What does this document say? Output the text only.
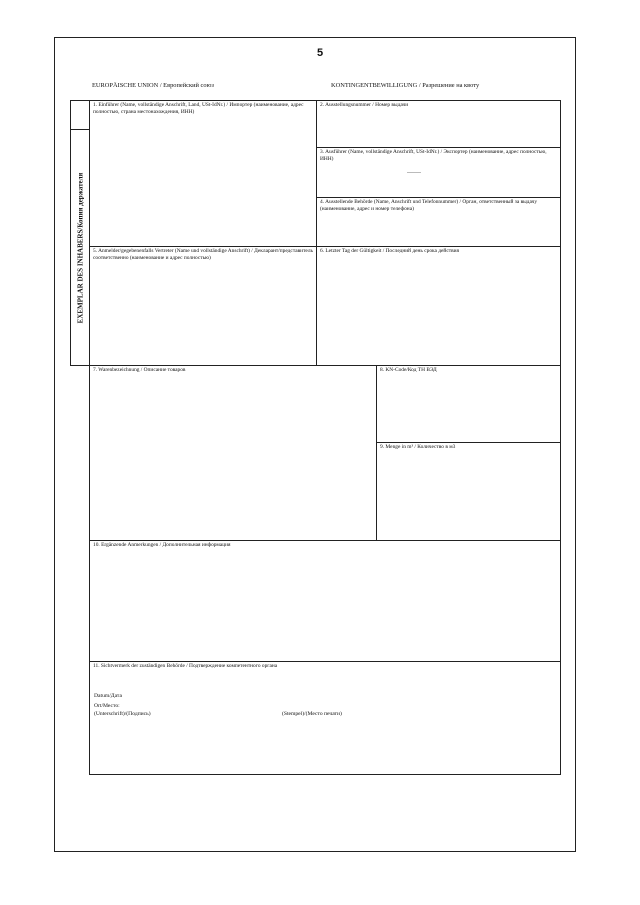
5
EUROPÄISCHE UNION / Европейский союз	KONTINGENTBEWILLIGUNG / Разрешение на квоту
EXEMPLAR DES INHABERS/Копия держателя
1. Einführer (Name, vollständige Anschrift, Land, USt-IdNr.) / Импортер (наименование, адрес полностью, страна местонахождения, ИНН)
2. Ausstellungsnummer / Номер выдачи
3. Ausführer (Name, vollständige Anschrift, USt-IdNr.) / Экспортер (наименование, адрес полностью, ИНН)
4. Ausstellende Behörde (Name, Anschrift und Telefonnummer) / Орган, ответственный за выдачу (наименование, адрес и номер телефона)
5. Anmelder/gegebenenfalls Vertreter (Name und vollständige Anschrift) / Декларант/представитель соответственно (наименование и адрес полностью)
6. Letzter Tag der Gültigkeit / Последний день срока действия
7. Warenbezeichnung / Описание товаров	8. KN-Code/Код ТН ВЭД
9. Menge in m³ / Количество в м3
10. Ergänzende Anmerkungen / Дополнительная информация
11. Sichtvermerk der zuständigen Behörde / Подтверждение компетентного органа
Datum/Дата
Ort/Место:
(Unterschrift)/(Подпись)	(Stempel)/(Место печати)
